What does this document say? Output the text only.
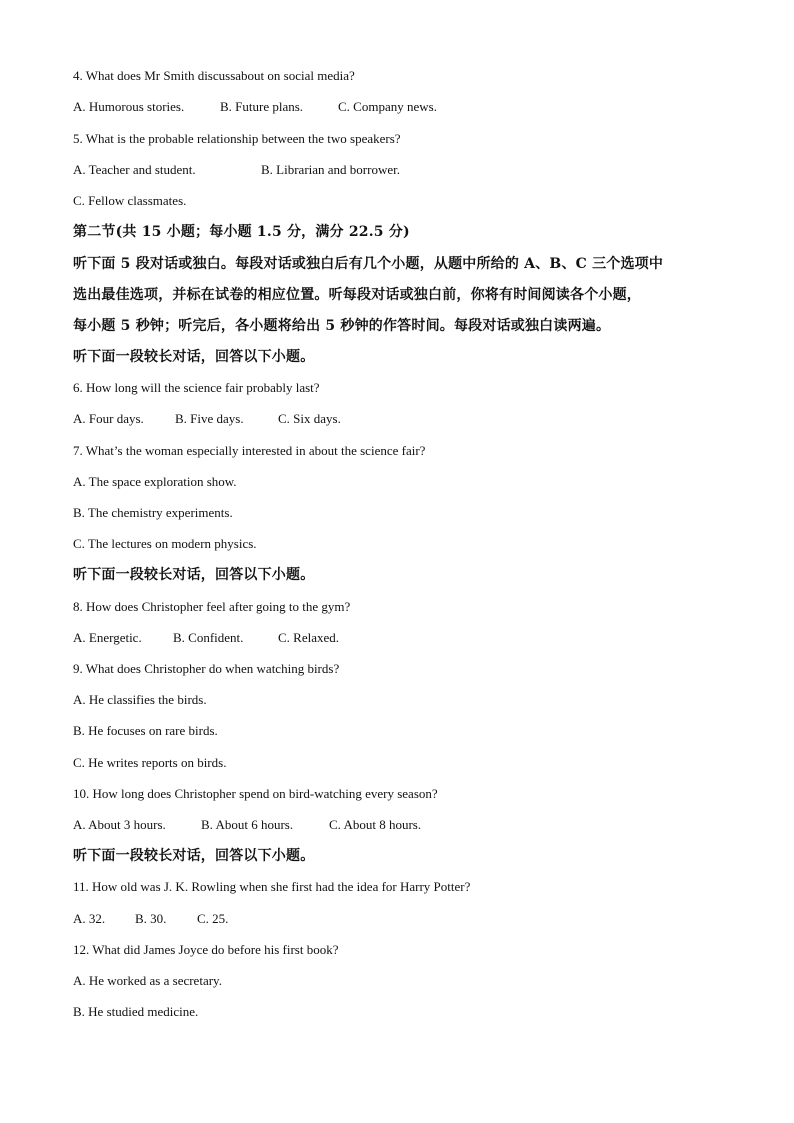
4. What does Mr Smith discussabout on social media?
A. Humorous stories.	B. Future plans.	C. Company news.
5. What is the probable relationship between the two speakers?
A. Teacher and student.	B. Librarian and borrower.
C. Fellow classmates.
第二节(共 15 小题；每小题 1.5 分，满分 22.5 分)
听下面 5 段对话或独白。每段对话或独白后有几个小题，从题中所给的 A、B、C 三个选项中
选出最佳选项，并标在试卷的相应位置。听每段对话或独白前，你将有时间阅读各个小题，
每小题 5 秒钟；听完后，各小题将给出 5 秒钟的作答时间。每段对话或独白读两遍。
听下面一段较长对话，回答以下小题。
6. How long will the science fair probably last?
A. Four days. B. Five days.	C. Six days.
7. What’s the woman especially interested in about the science fair?
A. The space exploration show.
B. The chemistry experiments.
C. The lectures on modern physics.
听下面一段较长对话，回答以下小题。
8. How does Christopher feel after going to the gym?
A. Energetic. B. Confident.	C. Relaxed.
9. What does Christopher do when watching birds?
A. He classifies the birds.
B. He focuses on rare birds.
C. He writes reports on birds.
10. How long does Christopher spend on bird-watching every season?
A. About 3 hours.	B. About 6 hours.	C. About 8 hours.
听下面一段较长对话，回答以下小题。
11. How old was J. K. Rowling when she first had the idea for Harry Potter?
A. 32. B. 30. C. 25.
12. What did James Joyce do before his first book?
A. He worked as a secretary.
B. He studied medicine.
